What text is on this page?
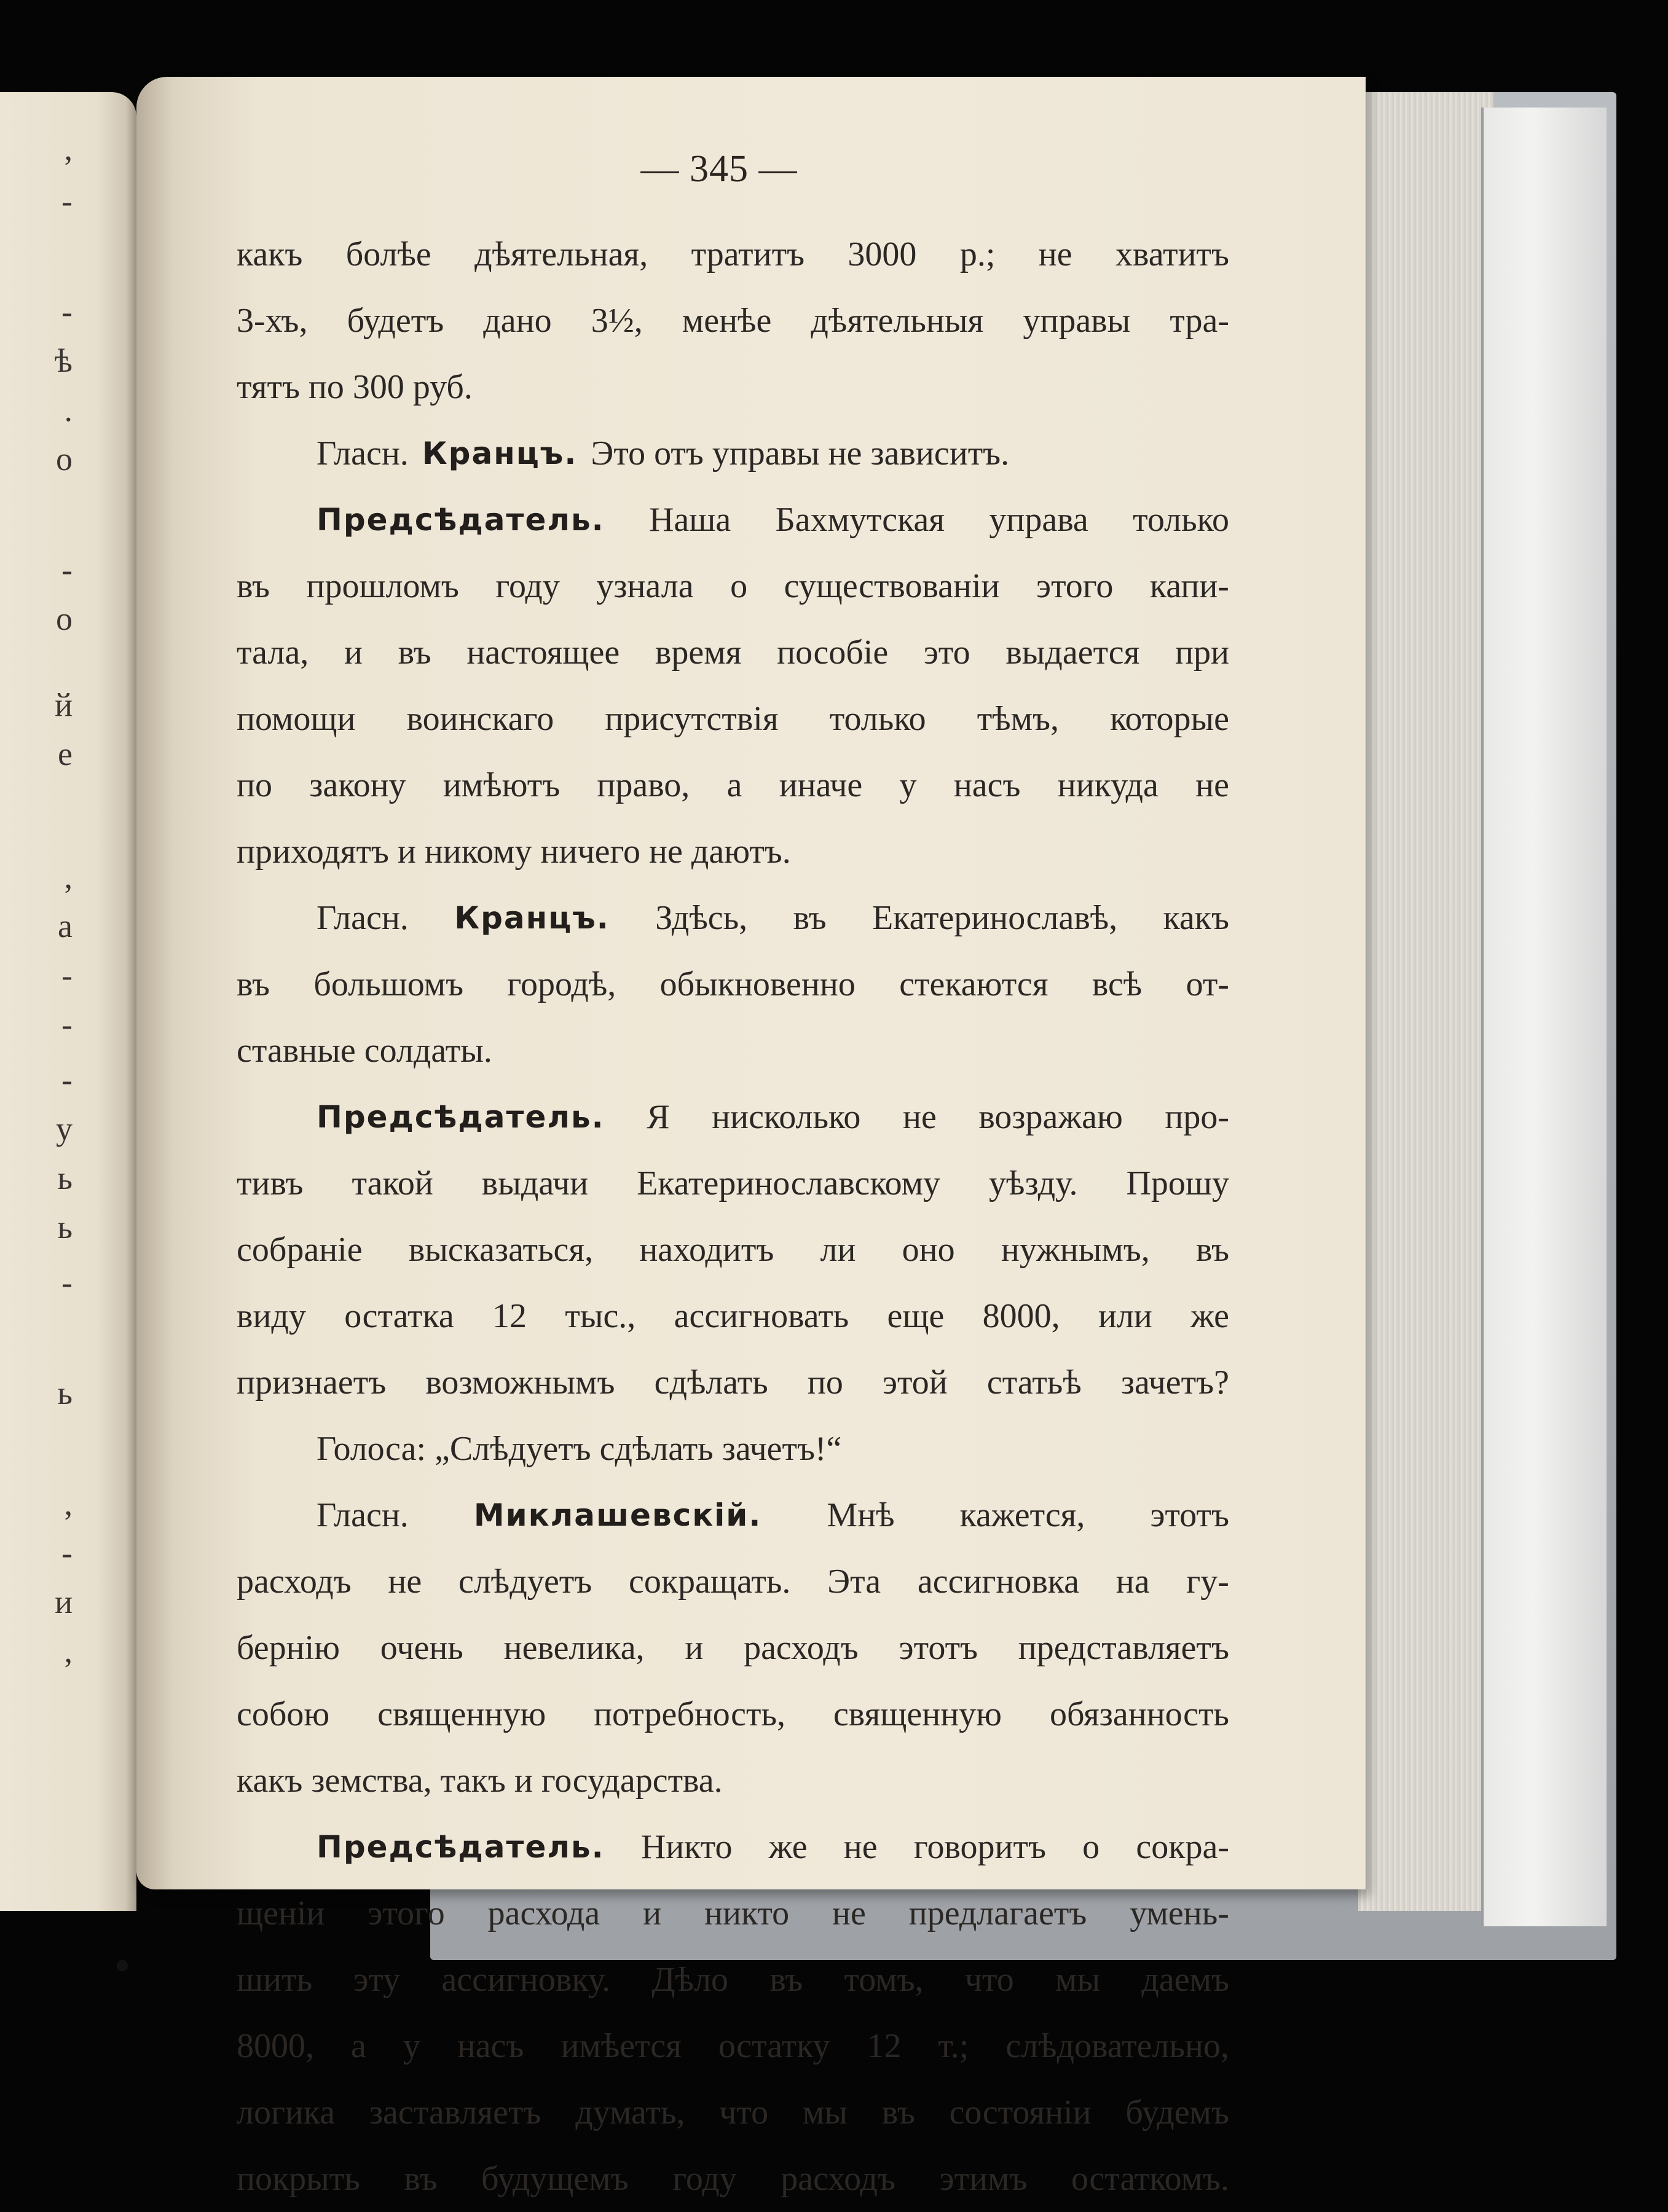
,
-
-
ѣ
.
о
-
о
й
е
,
а
-
-
-
у
ь
ь
-
ь
,
-
и
,
— 345 —
какъ болѣе дѣятельная, тратитъ 3000 р.; не хватитъ
3-хъ, будетъ дано 3½, менѣе дѣятельныя управы тра-
тятъ по 300 руб.
Гласн. Кранцъ. Это отъ управы не зависитъ.
Предсѣдатель. Наша Бахмутская управа только
въ прошломъ году узнала о существованіи этого капи-
тала, и въ настоящее время пособіе это выдается при
помощи воинскаго присутствія только тѣмъ, которые
по закону имѣютъ право, а иначе у насъ никуда не
приходятъ и никому ничего не даютъ.
Гласн. Кранцъ. Здѣсь, въ Екатеринославѣ, какъ
въ большомъ городѣ, обыкновенно стекаются всѣ от-
ставные солдаты.
Предсѣдатель. Я нисколько не возражаю про-
тивъ такой выдачи Екатеринославскому уѣзду. Прошу
собраніе высказаться, находитъ ли оно нужнымъ, въ
виду остатка 12 тыс., ассигновать еще 8000, или же
признаетъ возможнымъ сдѣлать по этой статьѣ зачетъ?
Голоса: „Слѣдуетъ сдѣлать зачетъ!“
Гласн. Миклашевскій. Мнѣ кажется, этотъ
расходъ не слѣдуетъ сокращать. Эта ассигновка на гу-
бернію очень невелика, и расходъ этотъ представляетъ
собою священную потребность, священную обязанность
какъ земства, такъ и государства.
Предсѣдатель. Никто же не говоритъ о сокра-
щеніи этого расхода и никто не предлагаетъ умень-
шить эту ассигновку. Дѣло въ томъ, что мы даемъ
8000, а у насъ имѣется остатку 12 т.; слѣдовательно,
логика заставляетъ думать, что мы въ состояніи будемъ
покрыть въ будущемъ году расходъ этимъ остаткомъ.
